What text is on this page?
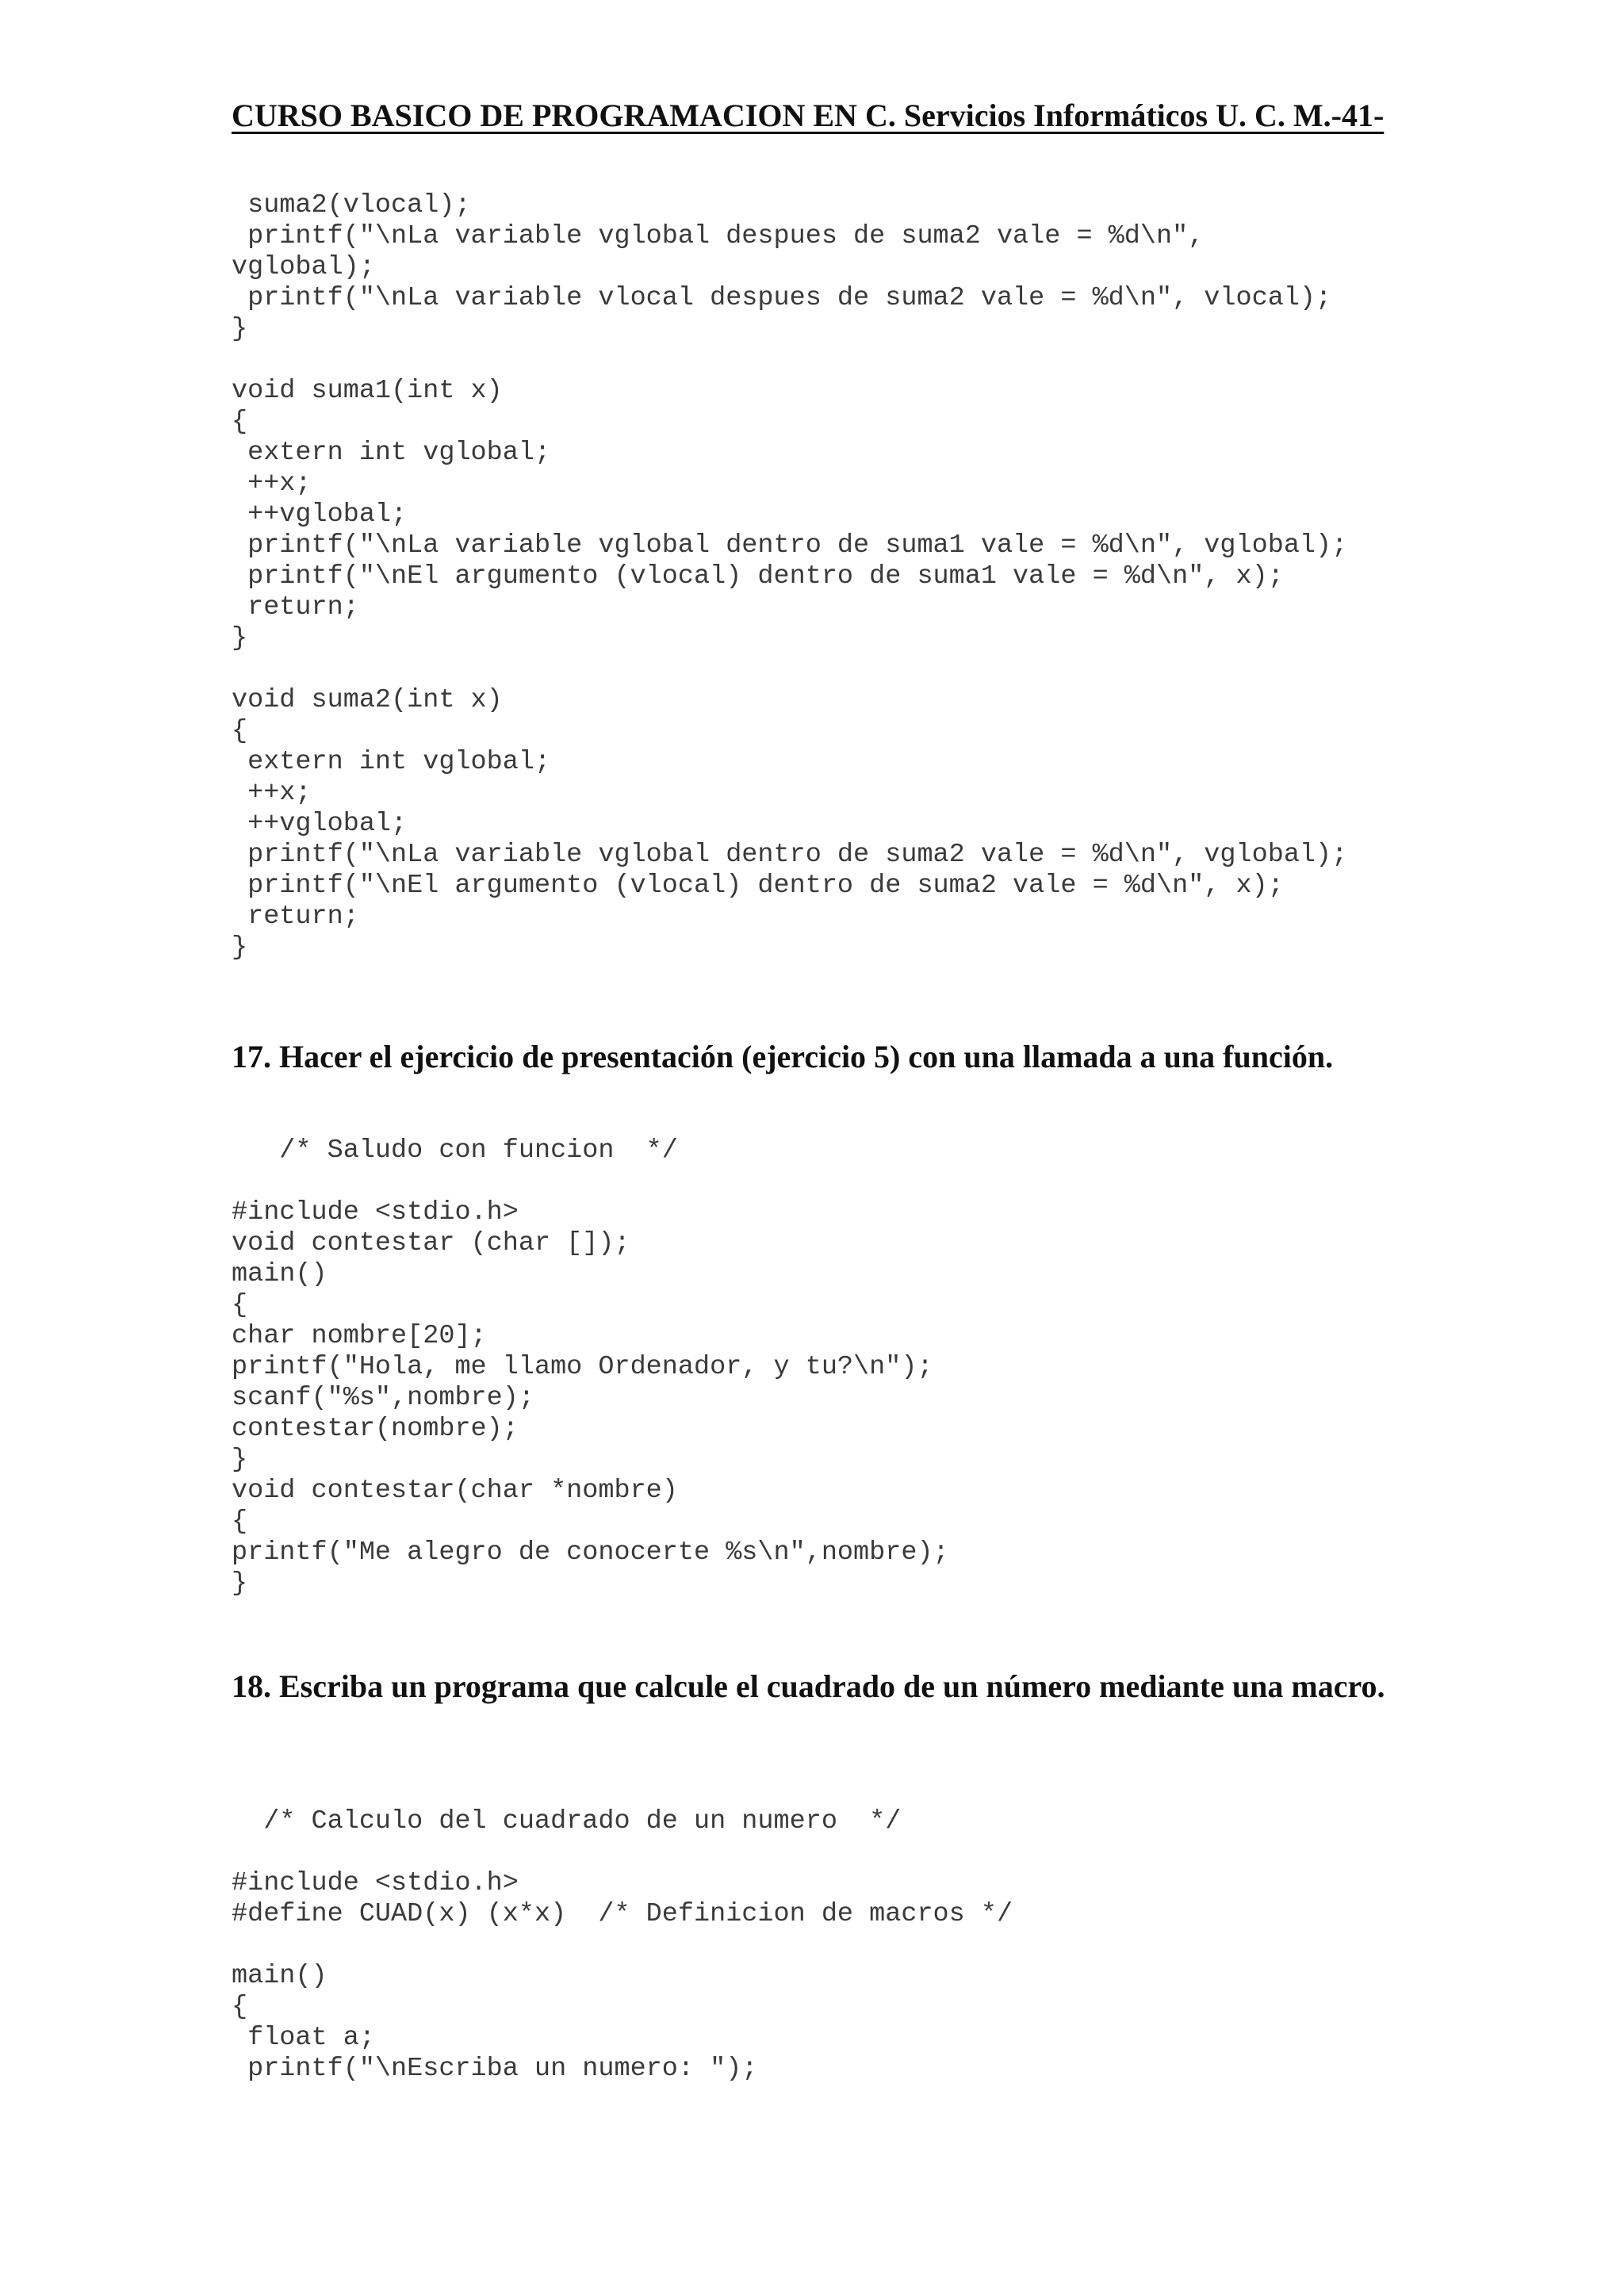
CURSO BASICO DE PROGRAMACION EN C. Servicios Informáticos U. C. M.-41-
suma2(vlocal);
printf("\nLa variable vglobal despues de suma2 vale = %d\n",
vglobal);
printf("\nLa variable vlocal despues de suma2 vale = %d\n", vlocal);
}

void suma1(int x)
{
extern int vglobal;
++x;
++vglobal;
printf("\nLa variable vglobal dentro de suma1 vale = %d\n", vglobal);
printf("\nEl argumento (vlocal) dentro de suma1 vale = %d\n", x);
return;
}

void suma2(int x)
{
extern int vglobal;
++x;
++vglobal;
printf("\nLa variable vglobal dentro de suma2 vale = %d\n", vglobal);
printf("\nEl argumento (vlocal) dentro de suma2 vale = %d\n", x);
return;
}
17. Hacer el ejercicio de presentación (ejercicio 5) con una llamada a una función.
/* Saludo con funcion  */

#include <stdio.h>
void contestar (char []);
main()
{
char nombre[20];
printf("Hola, me llamo Ordenador, y tu?\n");
scanf("%s",nombre);
contestar(nombre);
}
void contestar(char *nombre)
{
printf("Me alegro de conocerte %s\n",nombre);
}
18. Escriba un programa que calcule el cuadrado de un número mediante una macro.
/* Calculo del cuadrado de un numero  */

#include <stdio.h>
#define CUAD(x) (x*x)  /* Definicion de macros */

main()
{
float a;
printf("\nEscriba un numero: ");
